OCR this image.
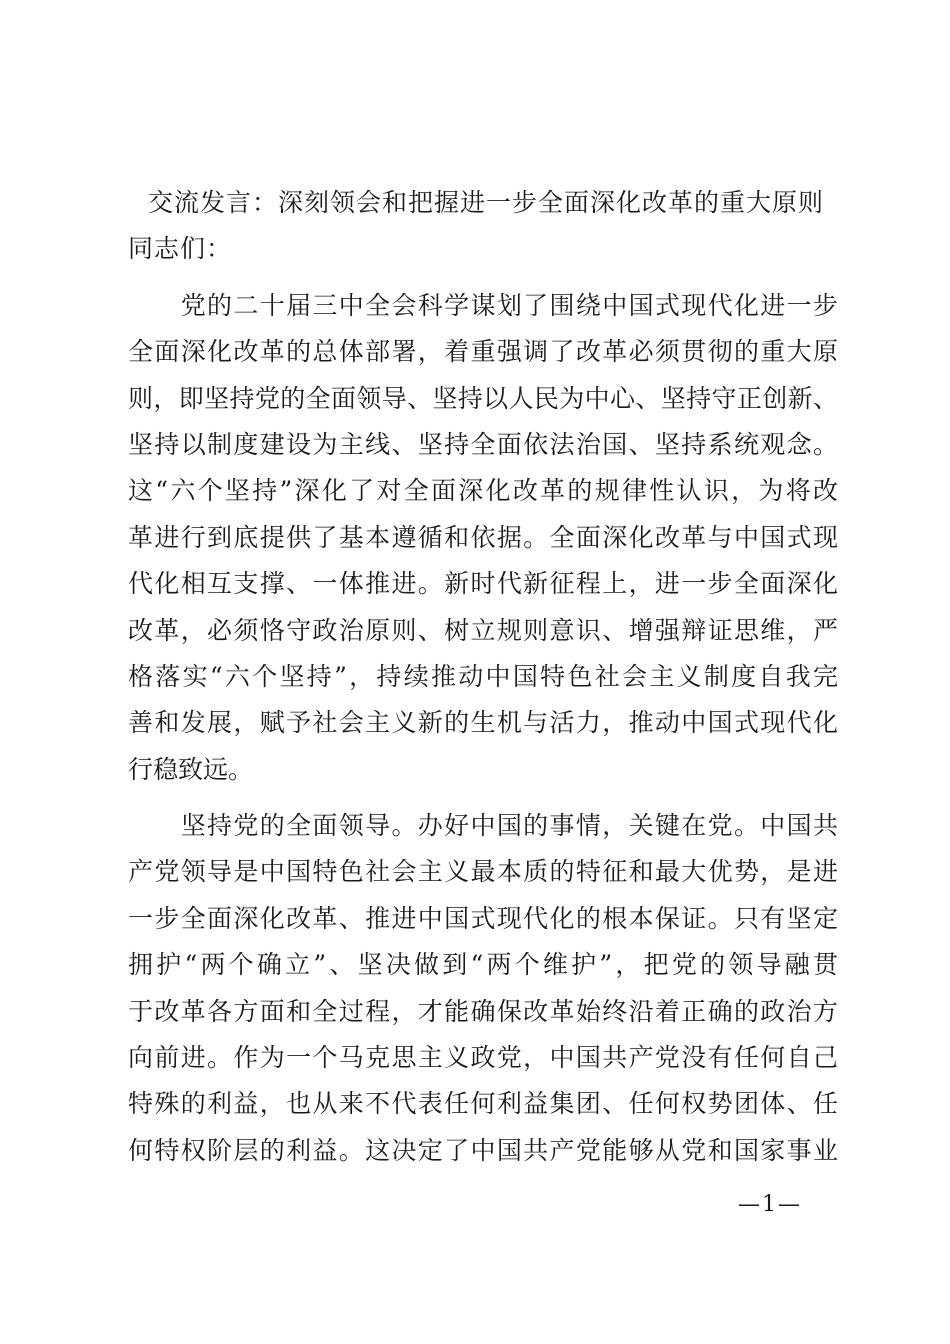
交流发言：深刻领会和把握进一步全面深化改革的重大原则
同志们：
　　党的二十届三中全会科学谋划了围绕中国式现代化进一步
全面深化改革的总体部署，着重强调了改革必须贯彻的重大原
则，即坚持党的全面领导、坚持以人民为中心、坚持守正创新、
坚持以制度建设为主线、坚持全面依法治国、坚持系统观念。
这“六个坚持”深化了对全面深化改革的规律性认识，为将改
革进行到底提供了基本遵循和依据。全面深化改革与中国式现
代化相互支撑、一体推进。新时代新征程上，进一步全面深化
改革，必须恪守政治原则、树立规则意识、增强辩证思维，严
格落实“六个坚持”，持续推动中国特色社会主义制度自我完
善和发展，赋予社会主义新的生机与活力，推动中国式现代化
行稳致远。
　　坚持党的全面领导。办好中国的事情，关键在党。中国共
产党领导是中国特色社会主义最本质的特征和最大优势，是进
一步全面深化改革、推进中国式现代化的根本保证。只有坚定
拥护“两个确立”、坚决做到“两个维护”，把党的领导融贯
于改革各方面和全过程，才能确保改革始终沿着正确的政治方
向前进。作为一个马克思主义政党，中国共产党没有任何自己
特殊的利益，也从来不代表任何利益集团、任何权势团体、任
何特权阶层的利益。这决定了中国共产党能够从党和国家事业
—1—
